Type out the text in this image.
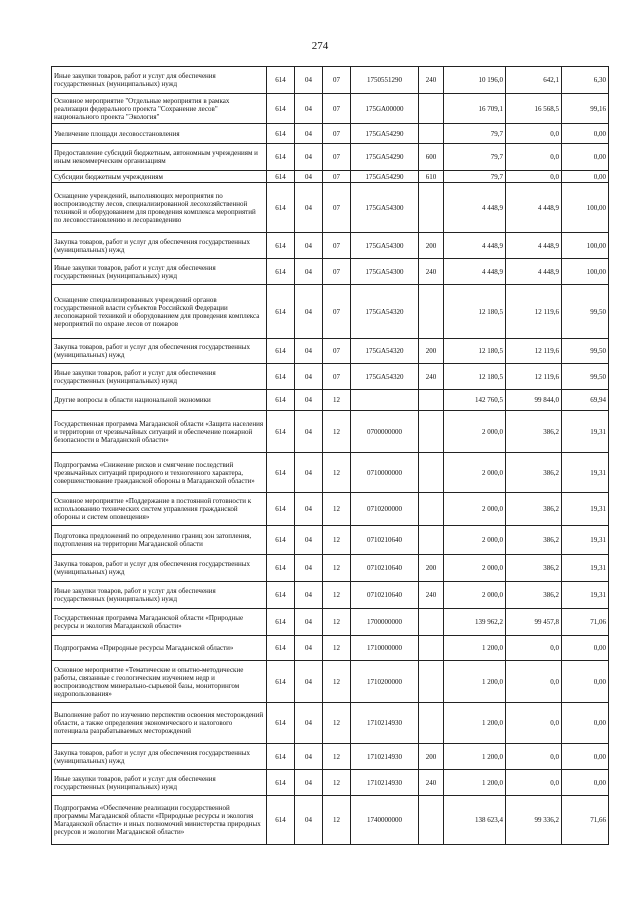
274
Иные закупки товаров, работ и услуг для обеспечения государственных (муниципальных) нужд	614	04	07	1750551290	240	10 196,0	642,1	6,30
Основное мероприятие "Отдельные мероприятия в рамках реализации федерального проекта "Сохранение лесов" национального проекта "Экология"	614	04	07	175GA00000		16 709,1	16 568,5	99,16
Увеличение площади лесовосстановления	614	04	07	175GA54290		79,7	0,0	0,00
Предоставление субсидий бюджетным, автономным учреждениям и иным некоммерческим организациям	614	04	07	175GA54290	600	79,7	0,0	0,00
Субсидии бюджетным учреждениям	614	04	07	175GA54290	610	79,7	0,0	0,00
Оснащение учреждений, выполняющих мероприятия по воспроизводству лесов, специализированной лесохозяйственной техникой и оборудованием для проведения комплекса мероприятий по лесовосстановлению и лесоразведению	614	04	07	175GA54300		4 448,9	4 448,9	100,00
Закупка товаров, работ и услуг для обеспечения государственных (муниципальных) нужд	614	04	07	175GA54300	200	4 448,9	4 448,9	100,00
Иные закупки товаров, работ и услуг для обеспечения государственных (муниципальных) нужд	614	04	07	175GA54300	240	4 448,9	4 448,9	100,00
Оснащение специализированных учреждений органов государственной власти субъектов Российской Федерации лесопожарной техникой и оборудованием для проведения комплекса мероприятий по охране лесов от пожаров	614	04	07	175GA54320		12 180,5	12 119,6	99,50
Закупка товаров, работ и услуг для обеспечения государственных (муниципальных) нужд	614	04	07	175GA54320	200	12 180,5	12 119,6	99,50
Иные закупки товаров, работ и услуг для обеспечения государственных (муниципальных) нужд	614	04	07	175GA54320	240	12 180,5	12 119,6	99,50
Другие вопросы в области национальной экономики	614	04	12			142 760,5	99 844,0	69,94
Государственная программа Магаданской области «Защита населения и территории от чрезвычайных ситуаций и обеспечение пожарной безопасности в Магаданской области»	614	04	12	0700000000		2 000,0	386,2	19,31
Подпрограмма «Снижение рисков и смягчение последствий чрезвычайных ситуаций природного и техногенного характера, совершенствование гражданской обороны в Магаданской области»	614	04	12	0710000000		2 000,0	386,2	19,31
Основное мероприятие «Поддержание в постоянной готовности к использованию технических систем управления гражданской обороны и систем оповещения»	614	04	12	0710200000		2 000,0	386,2	19,31
Подготовка предложений по определению границ зон затопления, подтопления на территории Магаданской области	614	04	12	0710210640		2 000,0	386,2	19,31
Закупка товаров, работ и услуг для обеспечения государственных (муниципальных) нужд	614	04	12	0710210640	200	2 000,0	386,2	19,31
Иные закупки товаров, работ и услуг для обеспечения государственных (муниципальных) нужд	614	04	12	0710210640	240	2 000,0	386,2	19,31
Государственная программа Магаданской области «Природные ресурсы и экология Магаданской области»	614	04	12	1700000000		139 962,2	99 457,8	71,06
Подпрограмма «Природные ресурсы Магаданской области»	614	04	12	1710000000		1 200,0	0,0	0,00
Основное мероприятие «Тематические и опытно-методические работы, связанные с геологическим изучением недр и воспроизводством минерально-сырьевой базы, мониторингом недропользования»	614	04	12	1710200000		1 200,0	0,0	0,00
Выполнение работ по изучению перспектив освоения месторождений области, а также определения экономического и налогового потенциала разрабатываемых месторождений	614	04	12	1710214930		1 200,0	0,0	0,00
Закупка товаров, работ и услуг для обеспечения государственных (муниципальных) нужд	614	04	12	1710214930	200	1 200,0	0,0	0,00
Иные закупки товаров, работ и услуг для обеспечения государственных (муниципальных) нужд	614	04	12	1710214930	240	1 200,0	0,0	0,00
Подпрограмма «Обеспечение реализации государственной программы Магаданской области «Природные ресурсы и экология Магаданской области» и иных полномочий министерства природных ресурсов и экологии Магаданской области»	614	04	12	1740000000		138 623,4	99 336,2	71,66
